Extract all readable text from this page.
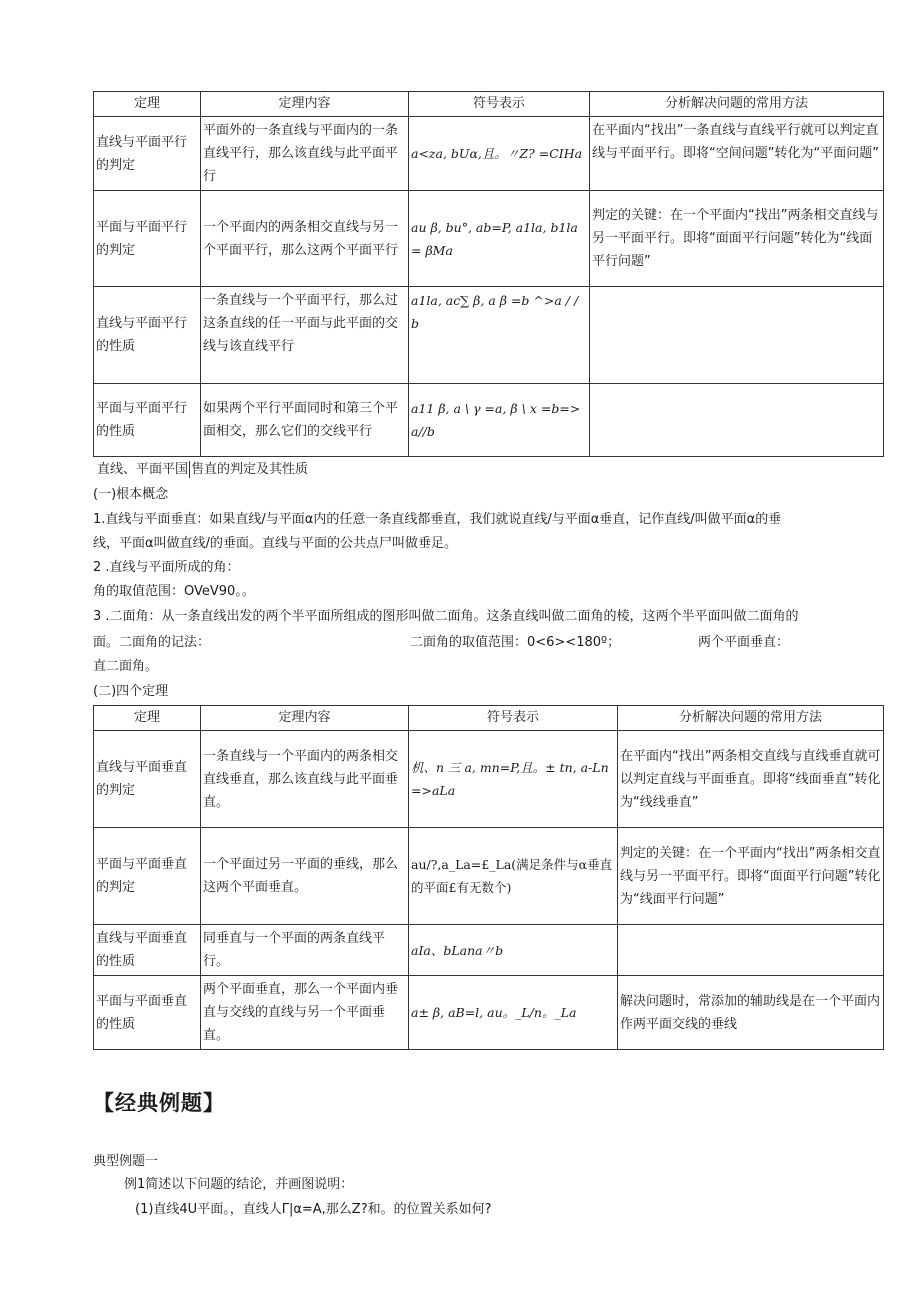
定理	定理内容	符号表示	分析解决问题的常用方法
直线与平面平行的判定	平面外的一条直线与平面内的一条直线平行，那么该直线与此平面平行	a<za, bUα,且。〃Z? =CIHa	在平面内“找出”一条直线与直线平行就可以判定直线与平面平行。即将“空间问题”转化为“平面问题”
平面与平面平行的判定	一个平面内的两条相交直线与另一个平面平行，那么这两个平面平行	au β, bu°, ab=P, a1la, b1la= βMa	判定的关键：在一个平面内“找出”两条相交直线与另一平面平行。即将“面面平行问题”转化为“线面平行问题”
直线与平面平行的性质	一条直线与一个平面平行，那么过这条直线的任一平面与此平面的交线与该直线平行	a1la, ac∑ β, a β =b ^>a / / b	
平面与平面平行的性质	如果两个平行平面同时和第三个平面相交，那么它们的交线平行	a11 β, a \ γ =a, β \ x =b=>a//b	
直线、平面平国 售直的判定及其性质
(一)根本概念
1.直线与平面垂直：如果直线/与平面α内的任意一条直线都垂直，我们就说直线/与平面α垂直，记作直线/叫做平面α的垂
线，平面α叫做直线/的垂面。直线与平面的公共点尸叫做垂足。
2 .直线与平面所成的角：
角的取值范围：OVeV90。。
3 .二面角：从一条直线出发的两个半平面所组成的图形叫做二面角。这条直线叫做二面角的棱，这两个半平面叫做二面角的
面。二面角的记法：	二面角的取值范围：0<6><180º；	两个平面垂直：
直二面角。
(二)四个定理
定理	定理内容	符号表示	分析解决问题的常用方法
直线与平面垂直的判定	一条直线与一个平面内的两条相交直线垂直，那么该直线与此平面垂直。	机、n 三 a, mn=P,且。± tn, a-Ln=>aLa	在平面内“找出”两条相交直线与直线垂直就可以判定直线与平面垂直。即将“线面垂直”转化为“线线垂直”
平面与平面垂直的判定	一个平面过另一平面的垂线，那么这两个平面垂直。	au/?,a_La=£_La(满足条件与α垂直的平面£有无数个)	判定的关键：在一个平面内“找出”两条相交直线与另一平面平行。即将“面面平行问题”转化为“线面平行问题”
直线与平面垂直的性质	同垂直与一个平面的两条直线平行。	aIa、bLana〃b	
平面与平面垂直的性质	两个平面垂直，那么一个平面内垂直与交线的直线与另一个平面垂直。	a± β, aB=l, au。_L/n。_La	解决问题时，常添加的辅助线是在一个平面内作两平面交线的垂线
【经典例题】
典型例题一
例1简述以下问题的结论，并画图说明：
(1)直线4U平面。，直线人Γ|α=A,那么Z?和。的位置关系如何?
